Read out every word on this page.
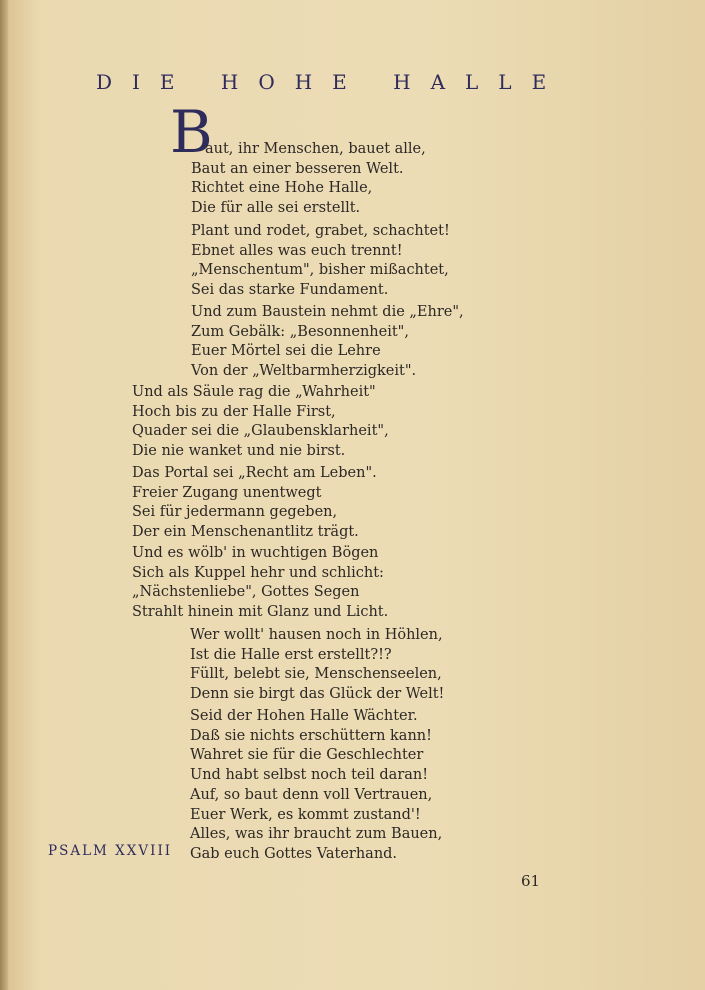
DIE HOHE HALLE
B
aut, ihr Menschen, bauet alle,
Baut an einer besseren Welt.
Richtet eine Hohe Halle,
Die für alle sei erstellt.
Plant und rodet, grabet, schachtet!
Ebnet alles was euch trennt!
„Menschentum", bisher mißachtet,
Sei das starke Fundament.
Und zum Baustein nehmt die „Ehre",
Zum Gebälk: „Besonnenheit",
Euer Mörtel sei die Lehre
Von der „Weltbarmherzigkeit".
Und als Säule rag die „Wahrheit"
Hoch bis zu der Halle First,
Quader sei die „Glaubensklarheit",
Die nie wanket und nie birst.
Das Portal sei „Recht am Leben".
Freier Zugang unentwegt
Sei für jedermann gegeben,
Der ein Menschenantlitz trägt.
Und es wölb' in wuchtigen Bögen
Sich als Kuppel hehr und schlicht:
„Nächstenliebe", Gottes Segen
Strahlt hinein mit Glanz und Licht.
Wer wollt' hausen noch in Höhlen,
Ist die Halle erst erstellt?!?
Füllt, belebt sie, Menschenseelen,
Denn sie birgt das Glück der Welt!
Seid der Hohen Halle Wächter.
Daß sie nichts erschüttern kann!
Wahret sie für die Geschlechter
Und habt selbst noch teil daran!
Auf, so baut denn voll Vertrauen,
Euer Werk, es kommt zustand'!
Alles, was ihr braucht zum Bauen,
Gab euch Gottes Vaterhand.
PSALM XXVIII
61
